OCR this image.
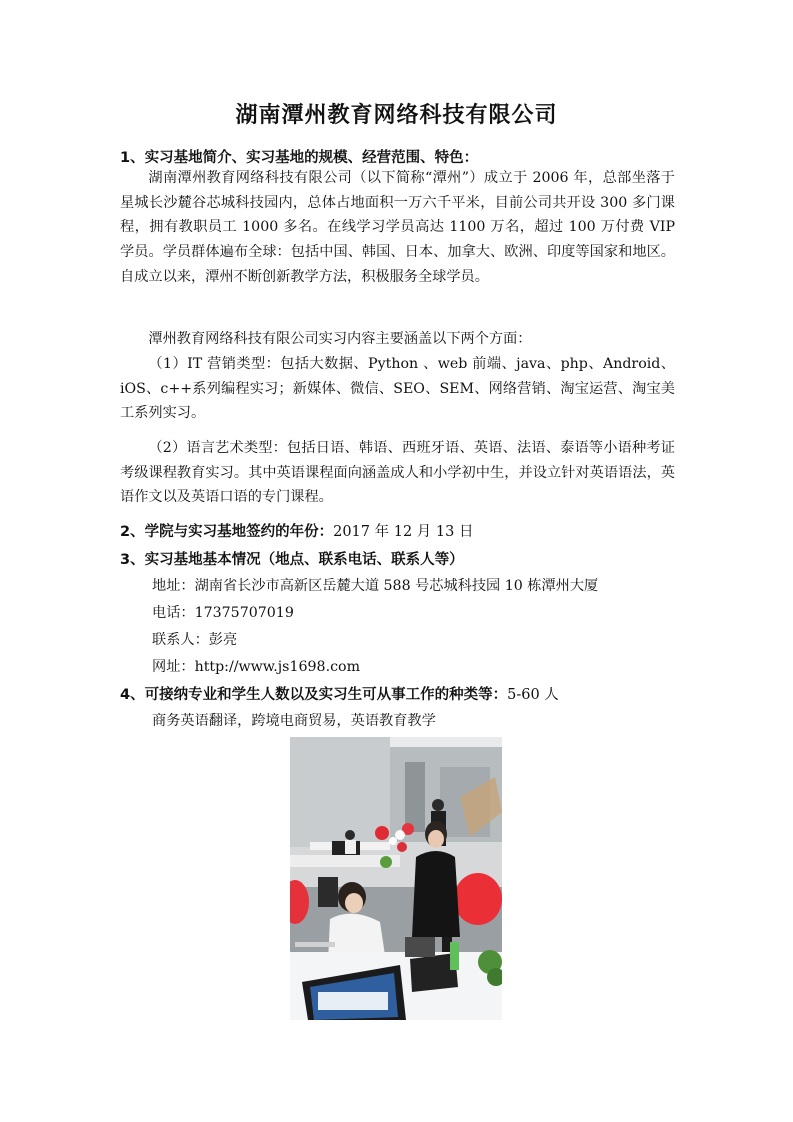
湖南潭州教育网络科技有限公司
1、实习基地简介、实习基地的规模、经营范围、特色：

湖南潭州教育网络科技有限公司（以下简称“潭州”）成立于 2006 年，总部坐落于星城长沙麓谷芯城科技园内，总体占地面积一万六千平米，目前公司共开设 300 多门课程，拥有教职员工 1000 多名。在线学习学员高达 1100 万名，超过 100 万付费 VIP 学员。学员群体遍布全球：包括中国、韩国、日本、加拿大、欧洲、印度等国家和地区。自成立以来，潭州不断创新教学方法，积极服务全球学员。

潭州教育网络科技有限公司实习内容主要涵盖以下两个方面：

（1）IT 营销类型：包括大数据、Python 、web 前端、java、php、Android、iOS、c++系列编程实习；新媒体、微信、SEO、SEM、网络营销、淘宝运营、淘宝美工系列实习。

（2）语言艺术类型：包括日语、韩语、西班牙语、英语、法语、泰语等小语种考证考级课程教育实习。其中英语课程面向涵盖成人和小学初中生，并设立针对英语语法，英语作文以及英语口语的专门课程。

2、学院与实习基地签约的年份：2017 年 12 月 13 日
3、实习基地基本情况（地点、联系电话、联系人等）
地址：湖南省长沙市高新区岳麓大道 588 号芯城科技园 10 栋潭州大厦
电话：17375707019
联系人：彭亮
网址：http://www.js1698.com
4、可接纳专业和学生人数以及实习生可从事工作的种类等：5-60 人
商务英语翻译，跨境电商贸易，英语教育教学
